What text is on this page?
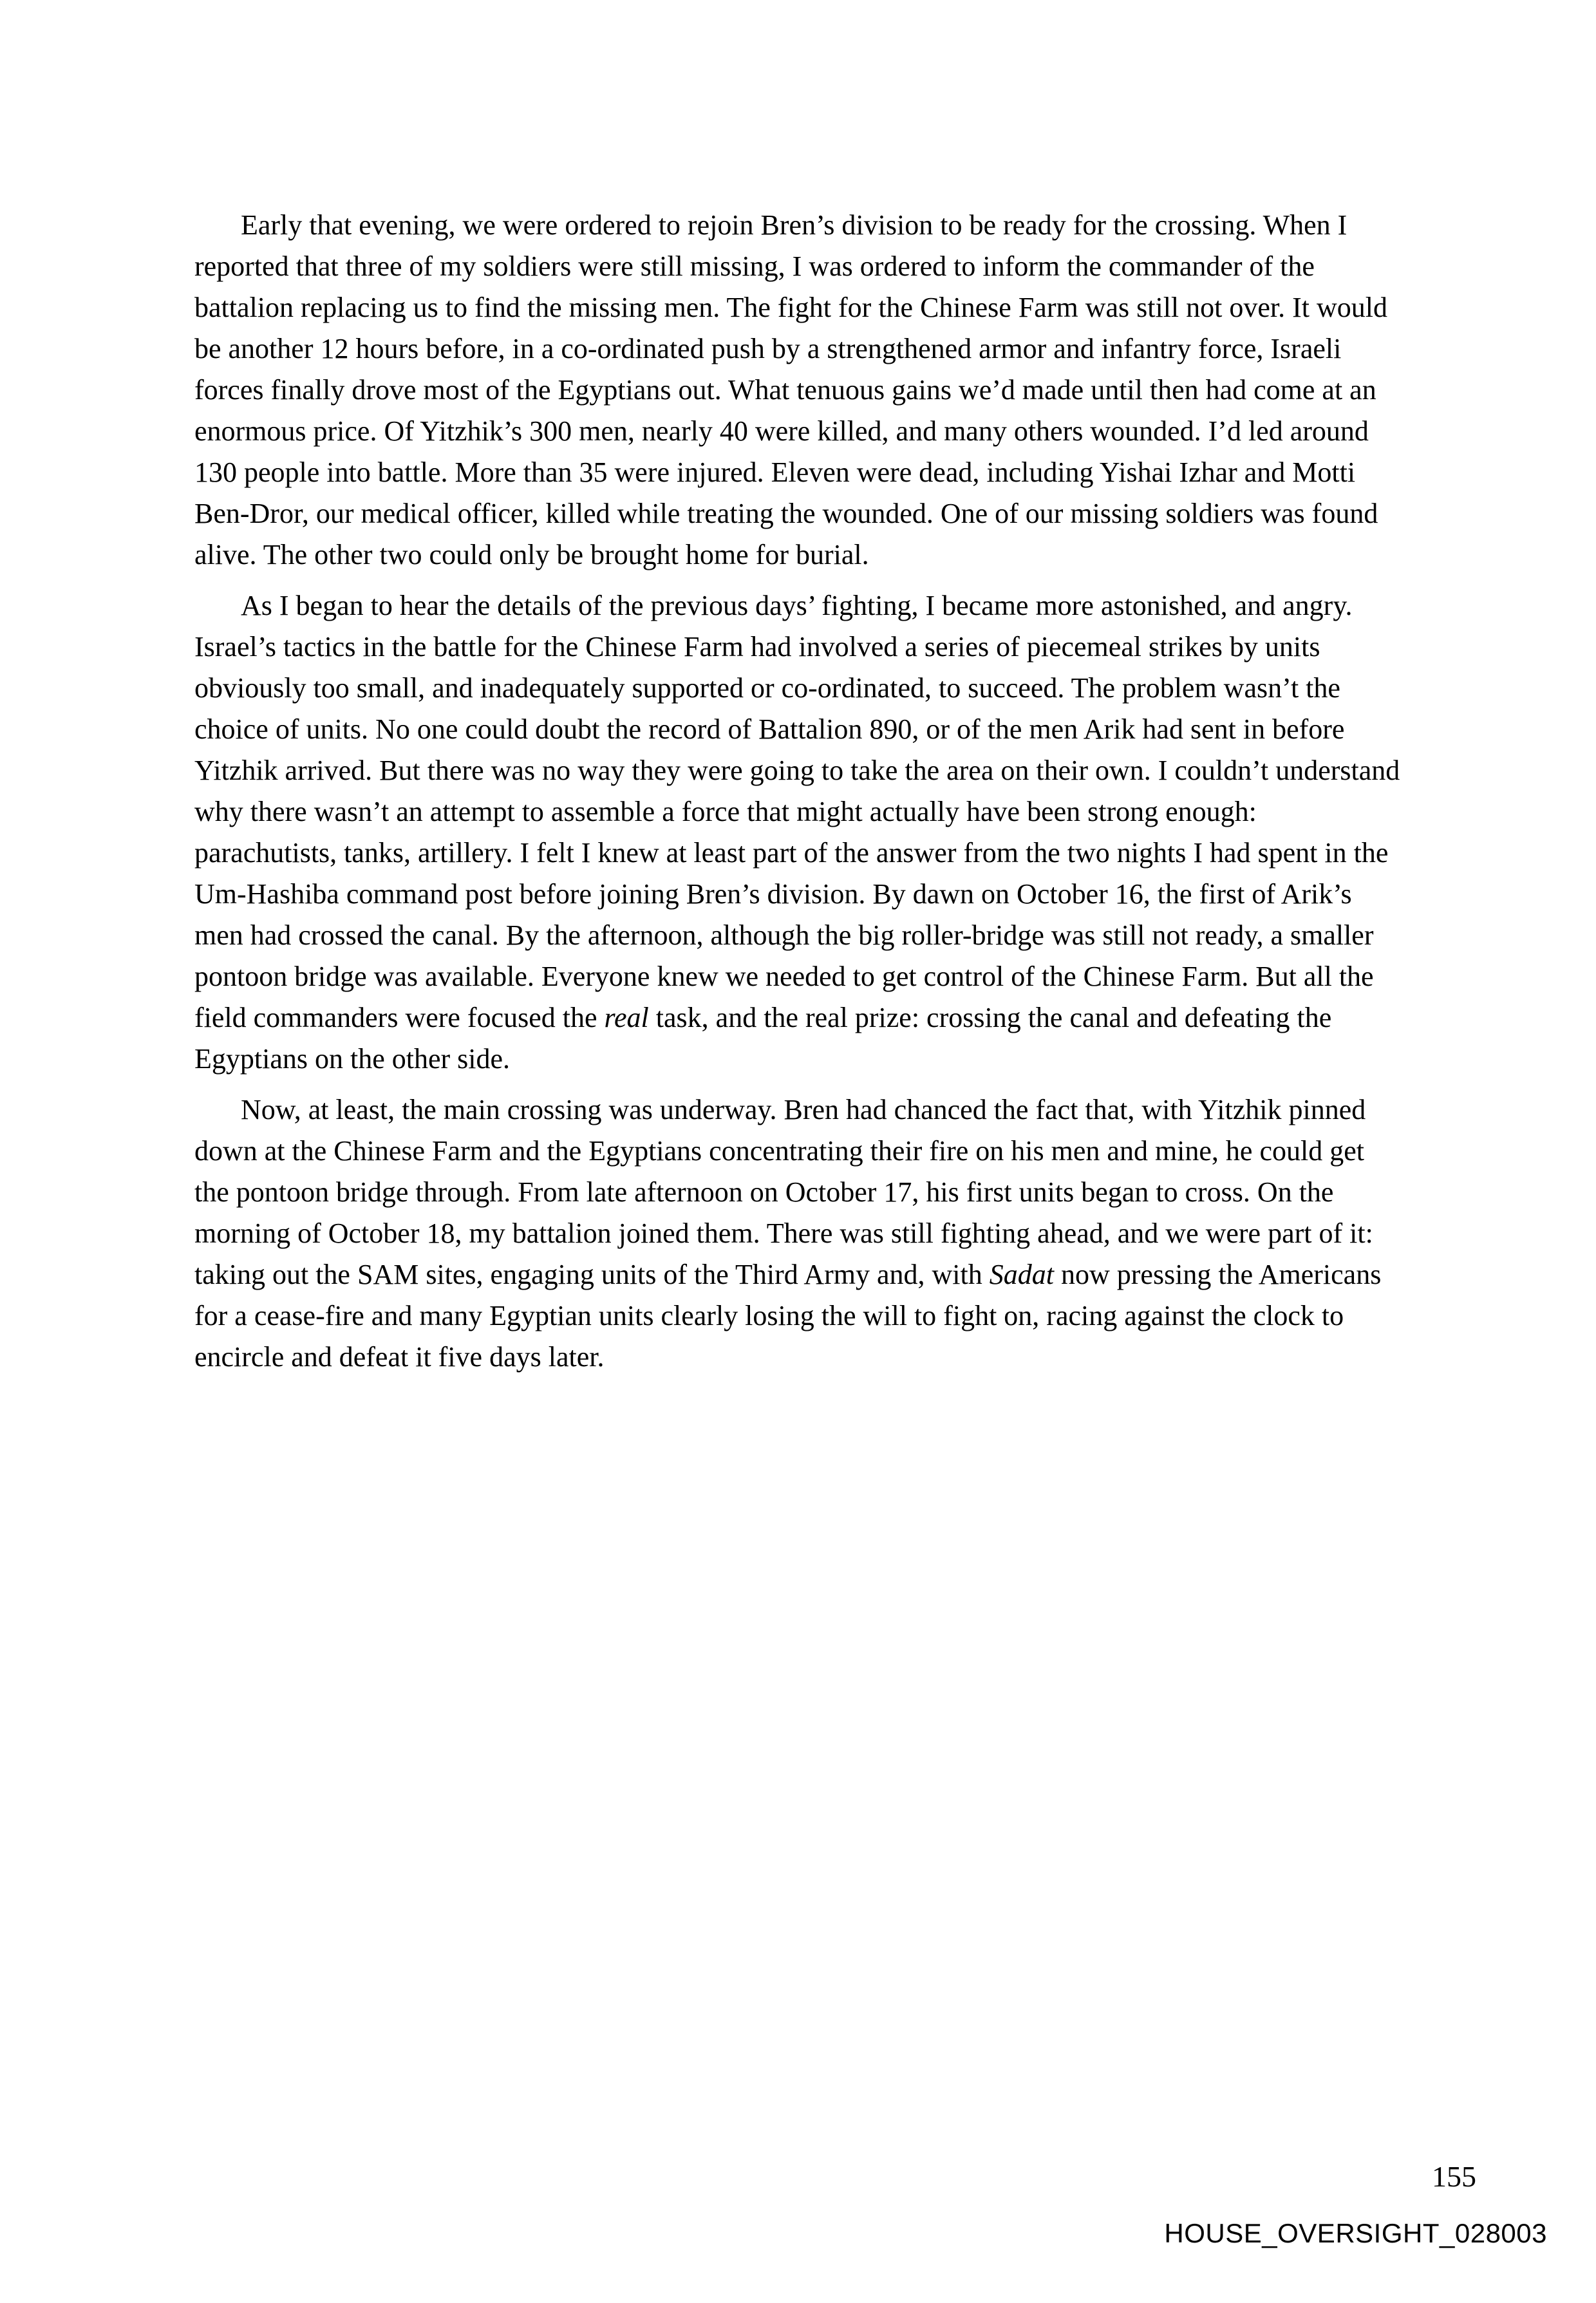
Early that evening, we were ordered to rejoin Bren’s division to be ready for the crossing. When I reported that three of my soldiers were still missing, I was ordered to inform the commander of the battalion replacing us to find the missing men. The fight for the Chinese Farm was still not over. It would be another 12 hours before, in a co-ordinated push by a strengthened armor and infantry force, Israeli forces finally drove most of the Egyptians out. What tenuous gains we’d made until then had come at an enormous price. Of Yitzhik’s 300 men, nearly 40 were killed, and many others wounded. I’d led around 130 people into battle. More than 35 were injured. Eleven were dead, including Yishai Izhar and Motti Ben-Dror, our medical officer, killed while treating the wounded. One of our missing soldiers was found alive. The other two could only be brought home for burial.

As I began to hear the details of the previous days’ fighting, I became more astonished, and angry. Israel’s tactics in the battle for the Chinese Farm had involved a series of piecemeal strikes by units obviously too small, and inadequately supported or co-ordinated, to succeed. The problem wasn’t the choice of units. No one could doubt the record of Battalion 890, or of the men Arik had sent in before Yitzhik arrived. But there was no way they were going to take the area on their own. I couldn’t understand why there wasn’t an attempt to assemble a force that might actually have been strong enough: parachutists, tanks, artillery. I felt I knew at least part of the answer from the two nights I had spent in the Um-Hashiba command post before joining Bren’s division. By dawn on October 16, the first of Arik’s men had crossed the canal. By the afternoon, although the big roller-bridge was still not ready, a smaller pontoon bridge was available. Everyone knew we needed to get control of the Chinese Farm. But all the field commanders were focused the real task, and the real prize: crossing the canal and defeating the Egyptians on the other side.

Now, at least, the main crossing was underway. Bren had chanced the fact that, with Yitzhik pinned down at the Chinese Farm and the Egyptians concentrating their fire on his men and mine, he could get the pontoon bridge through. From late afternoon on October 17, his first units began to cross. On the morning of October 18, my battalion joined them. There was still fighting ahead, and we were part of it: taking out the SAM sites, engaging units of the Third Army and, with Sadat now pressing the Americans for a cease-fire and many Egyptian units clearly losing the will to fight on, racing against the clock to encircle and defeat it five days later.

155
HOUSE_OVERSIGHT_028003
